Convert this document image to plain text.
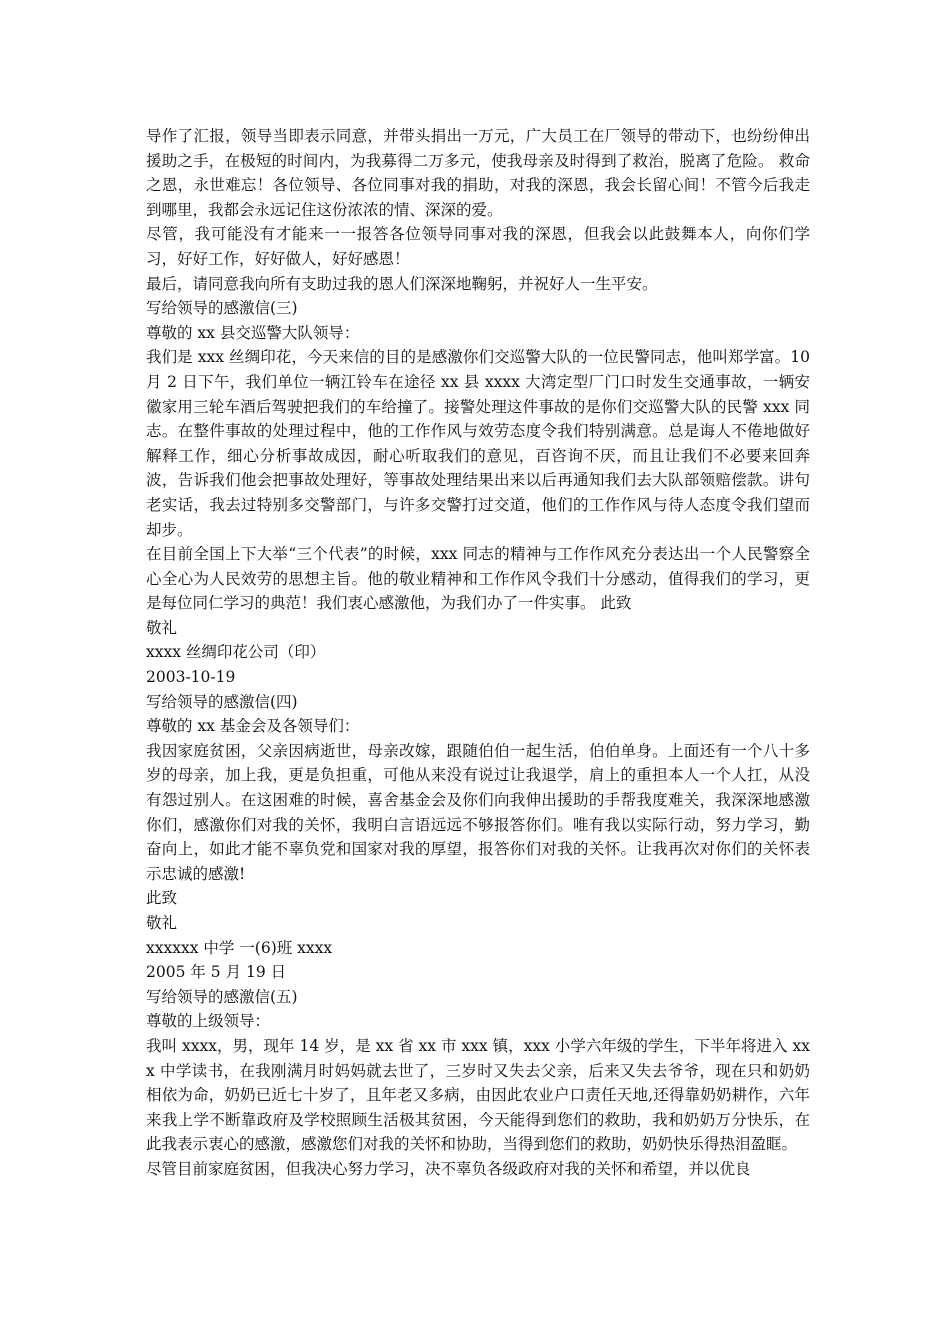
导作了汇报，领导当即表示同意，并带头捐出一万元，广大员工在厂领导的带动下，也纷纷伸出援助之手，在极短的时间内，为我募得二万多元，使我母亲及时得到了救治，脱离了危险。 救命之恩，永世难忘！各位领导、各位同事对我的捐助，对我的深恩，我会长留心间！不管今后我走到哪里，我都会永远记住这份浓浓的情、深深的爱。

尽管，我可能没有才能来一一报答各位领导同事对我的深恩，但我会以此鼓舞本人，向你们学习，好好工作，好好做人，好好感恩！

最后，请同意我向所有支助过我的恩人们深深地鞠躬，并祝好人一生平安。

写给领导的感激信(三)

尊敬的 xx 县交巡警大队领导：

我们是 xxx 丝绸印花，今天来信的目的是感激你们交巡警大队的一位民警同志，他叫郑学富。10 月 2 日下午，我们单位一辆江铃车在途径 xx 县 xxxx 大湾定型厂门口时发生交通事故，一辆安徽家用三轮车酒后驾驶把我们的车给撞了。接警处理这件事故的是你们交巡警大队的民警 xxx 同志。在整件事故的处理过程中，他的工作作风与效劳态度令我们特别满意。总是诲人不倦地做好解释工作，细心分析事故成因，耐心听取我们的意见，百咨询不厌，而且让我们不必要来回奔波，告诉我们他会把事故处理好，等事故处理结果出来以后再通知我们去大队部领赔偿款。讲句老实话，我去过特别多交警部门，与许多交警打过交道，他们的工作作风与待人态度令我们望而却步。

在目前全国上下大举“三个代表”的时候，xxx 同志的精神与工作作风充分表达出一个人民警察全心全心为人民效劳的思想主旨。他的敬业精神和工作作风令我们十分感动，值得我们的学习，更是每位同仁学习的典范！我们衷心感激他，为我们办了一件实事。 此致

敬礼

xxxx 丝绸印花公司（印）

2003-10-19

写给领导的感激信(四)

尊敬的 xx 基金会及各领导们：

我因家庭贫困，父亲因病逝世，母亲改嫁，跟随伯伯一起生活，伯伯单身。上面还有一个八十多岁的母亲，加上我，更是负担重，可他从来没有说过让我退学，肩上的重担本人一个人扛，从没有怨过别人。在这困难的时候，喜舍基金会及你们向我伸出援助的手帮我度难关，我深深地感激你们，感激你们对我的关怀，我明白言语远远不够报答你们。唯有我以实际行动，努力学习，勤奋向上，如此才能不辜负党和国家对我的厚望，报答你们对我的关怀。让我再次对你们的关怀表示忠诚的感激!

此致

敬礼

xxxxxx 中学 一(6)班 xxxx

2005 年 5 月 19 日

写给领导的感激信(五)

尊敬的上级领导：

我叫 xxxx，男，现年 14 岁，是 xx 省 xx 市 xxx 镇，xxx 小学六年级的学生，下半年将进入 xxx 中学读书，在我刚满月时妈妈就去世了，三岁时又失去父亲，后来又失去爷爷，现在只和奶奶相依为命，奶奶已近七十岁了，且年老又多病，由因此农业户口责任天地,还得靠奶奶耕作，六年来我上学不断靠政府及学校照顾生活极其贫困，今天能得到您们的救助，我和奶奶万分快乐，在此我表示衷心的感激，感激您们对我的关怀和协助，当得到您们的救助，奶奶快乐得热泪盈眶。

尽管目前家庭贫困，但我决心努力学习，决不辜负各级政府对我的关怀和希望，并以优良
